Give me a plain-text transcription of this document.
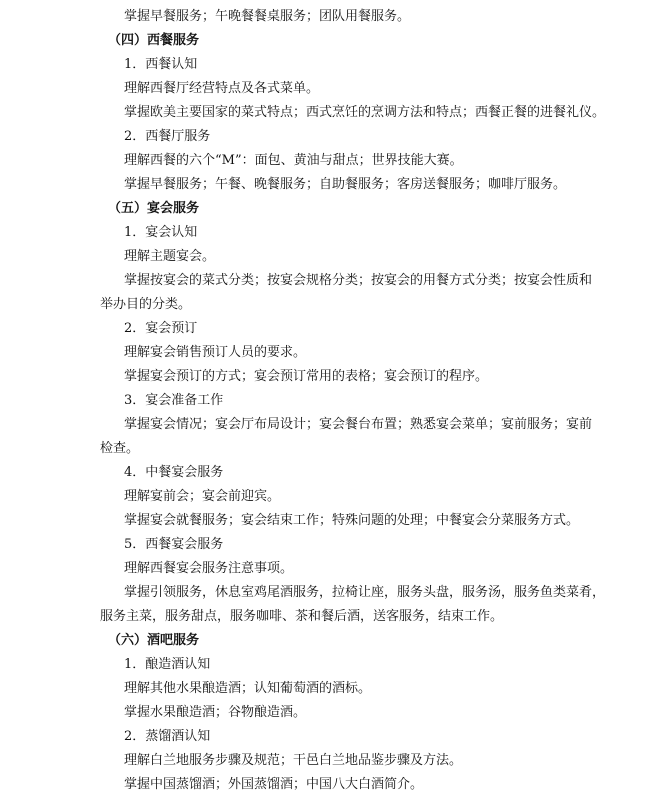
掌握早餐服务；午晚餐餐桌服务；团队用餐服务。
（四）西餐服务
1．西餐认知
理解西餐厅经营特点及各式菜单。
掌握欧美主要国家的菜式特点；西式烹饪的烹调方法和特点；西餐正餐的进餐礼仪。
2．西餐厅服务
理解西餐的六个“M”：面包、黄油与甜点；世界技能大赛。
掌握早餐服务；午餐、晚餐服务；自助餐服务；客房送餐服务；咖啡厅服务。
（五）宴会服务
1．宴会认知
理解主题宴会。
掌握按宴会的菜式分类；按宴会规格分类；按宴会的用餐方式分类；按宴会性质和
举办目的分类。
2．宴会预订
理解宴会销售预订人员的要求。
掌握宴会预订的方式；宴会预订常用的表格；宴会预订的程序。
3．宴会准备工作
掌握宴会情况；宴会厅布局设计；宴会餐台布置；熟悉宴会菜单；宴前服务；宴前
检查。
4．中餐宴会服务
理解宴前会；宴会前迎宾。
掌握宴会就餐服务；宴会结束工作；特殊问题的处理；中餐宴会分菜服务方式。
5．西餐宴会服务
理解西餐宴会服务注意事项。
掌握引领服务，休息室鸡尾酒服务，拉椅让座，服务头盘，服务汤，服务鱼类菜肴，
服务主菜，服务甜点，服务咖啡、茶和餐后酒，送客服务，结束工作。
（六）酒吧服务
1．酿造酒认知
理解其他水果酿造酒；认知葡萄酒的酒标。
掌握水果酿造酒；谷物酿造酒。
2．蒸馏酒认知
理解白兰地服务步骤及规范；干邑白兰地品鉴步骤及方法。
掌握中国蒸馏酒；外国蒸馏酒；中国八大白酒简介。
